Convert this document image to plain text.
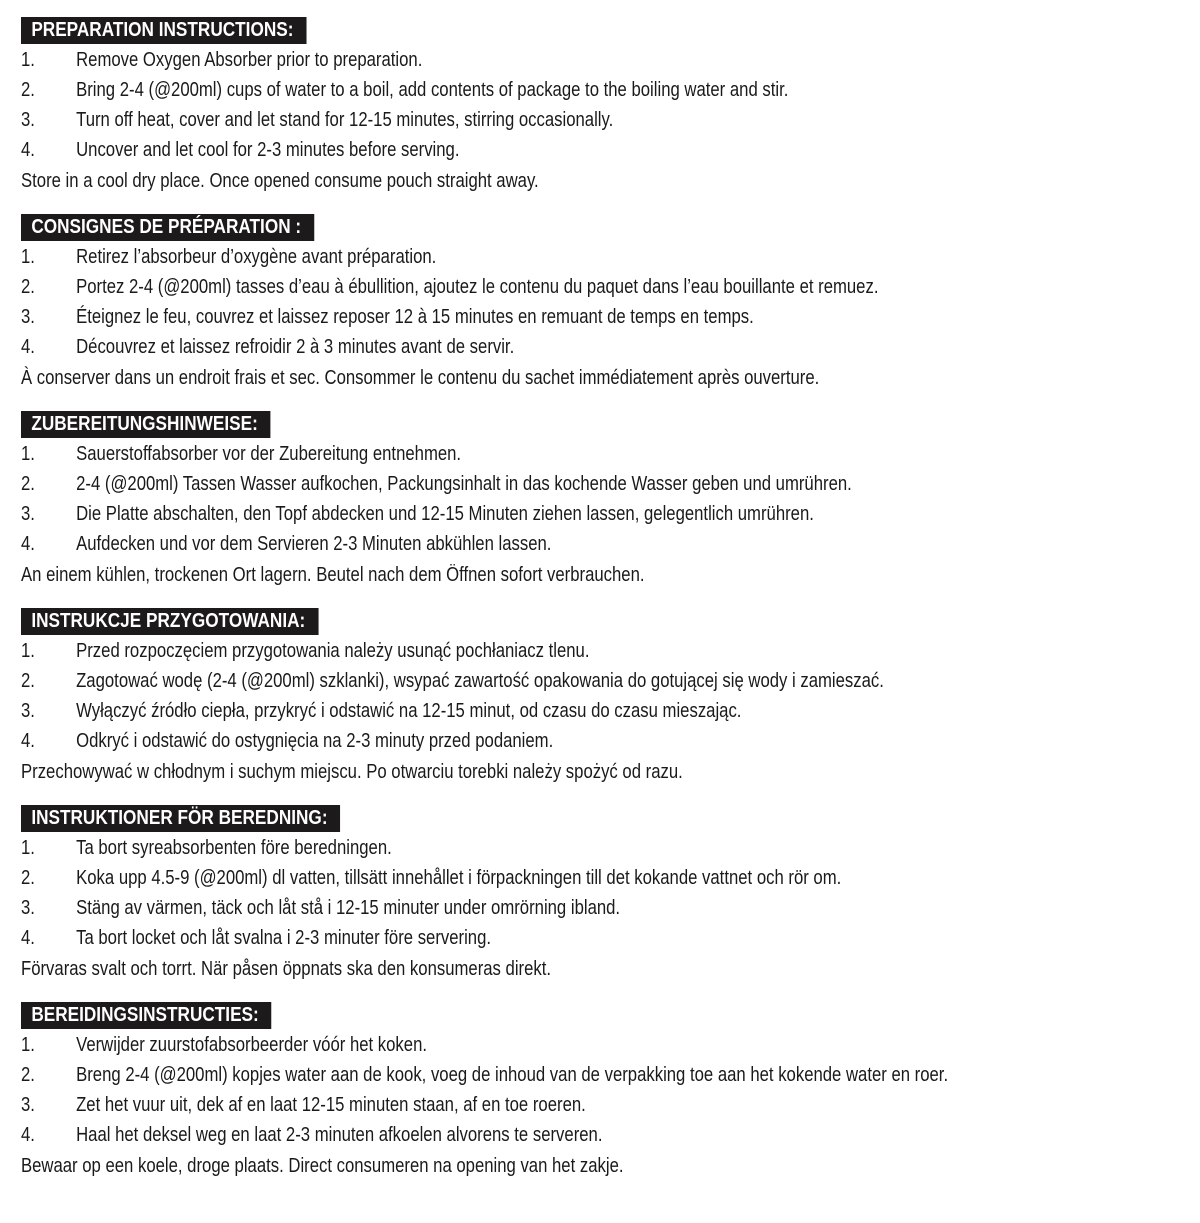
PREPARATION INSTRUCTIONS:
1. Remove Oxygen Absorber prior to preparation.
2. Bring 2-4 (@200ml) cups of water to a boil, add contents of package to the boiling water and stir.
3. Turn off heat, cover and let stand for 12-15 minutes, stirring occasionally.
4. Uncover and let cool for 2-3 minutes before serving.
Store in a cool dry place. Once opened consume pouch straight away.
CONSIGNES DE PRÉPARATION :
1. Retirez l’absorbeur d’oxygène avant préparation.
2. Portez 2-4 (@200ml) tasses d’eau à ébullition, ajoutez le contenu du paquet dans l’eau bouillante et remuez.
3. Éteignez le feu, couvrez et laissez reposer 12 à 15 minutes en remuant de temps en temps.
4. Découvrez et laissez refroidir 2 à 3 minutes avant de servir.
À conserver dans un endroit frais et sec. Consommer le contenu du sachet immédiatement après ouverture.
ZUBEREITUNGSHINWEISE:
1. Sauerstoffabsorber vor der Zubereitung entnehmen.
2. 2-4 (@200ml) Tassen Wasser aufkochen, Packungsinhalt in das kochende Wasser geben und umrühren.
3. Die Platte abschalten, den Topf abdecken und 12-15 Minuten ziehen lassen, gelegentlich umrühren.
4. Aufdecken und vor dem Servieren 2-3 Minuten abkühlen lassen.
An einem kühlen, trockenen Ort lagern. Beutel nach dem Öffnen sofort verbrauchen.
INSTRUKCJE PRZYGOTOWANIA:
1. Przed rozpoczęciem przygotowania należy usunąć pochłaniacz tlenu.
2. Zagotować wodę (2-4 (@200ml) szklanki), wsypać zawartość opakowania do gotującej się wody i zamieszać.
3. Wyłączyć źródło ciepła, przykryć i odstawić na 12-15 minut, od czasu do czasu mieszając.
4. Odkryć i odstawić do ostygnięcia na 2-3 minuty przed podaniem.
Przechowywać w chłodnym i suchym miejscu. Po otwarciu torebki należy spożyć od razu.
INSTRUKTIONER FÖR BEREDNING:
1. Ta bort syreabsorbenten före beredningen.
2. Koka upp 4.5-9 (@200ml) dl vatten, tillsätt innehållet i förpackningen till det kokande vattnet och rör om.
3. Stäng av värmen, täck och låt stå i 12-15 minuter under omrörning ibland.
4. Ta bort locket och låt svalna i 2-3 minuter före servering.
Förvaras svalt och torrt. När påsen öppnats ska den konsumeras direkt.
BEREIDINGSINSTRUCTIES:
1. Verwijder zuurstofabsorbeerder vóór het koken.
2. Breng 2-4 (@200ml) kopjes water aan de kook, voeg de inhoud van de verpakking toe aan het kokende water en roer.
3. Zet het vuur uit, dek af en laat 12-15 minuten staan, af en toe roeren.
4. Haal het deksel weg en laat 2-3 minuten afkoelen alvorens te serveren.
Bewaar op een koele, droge plaats. Direct consumeren na opening van het zakje.
